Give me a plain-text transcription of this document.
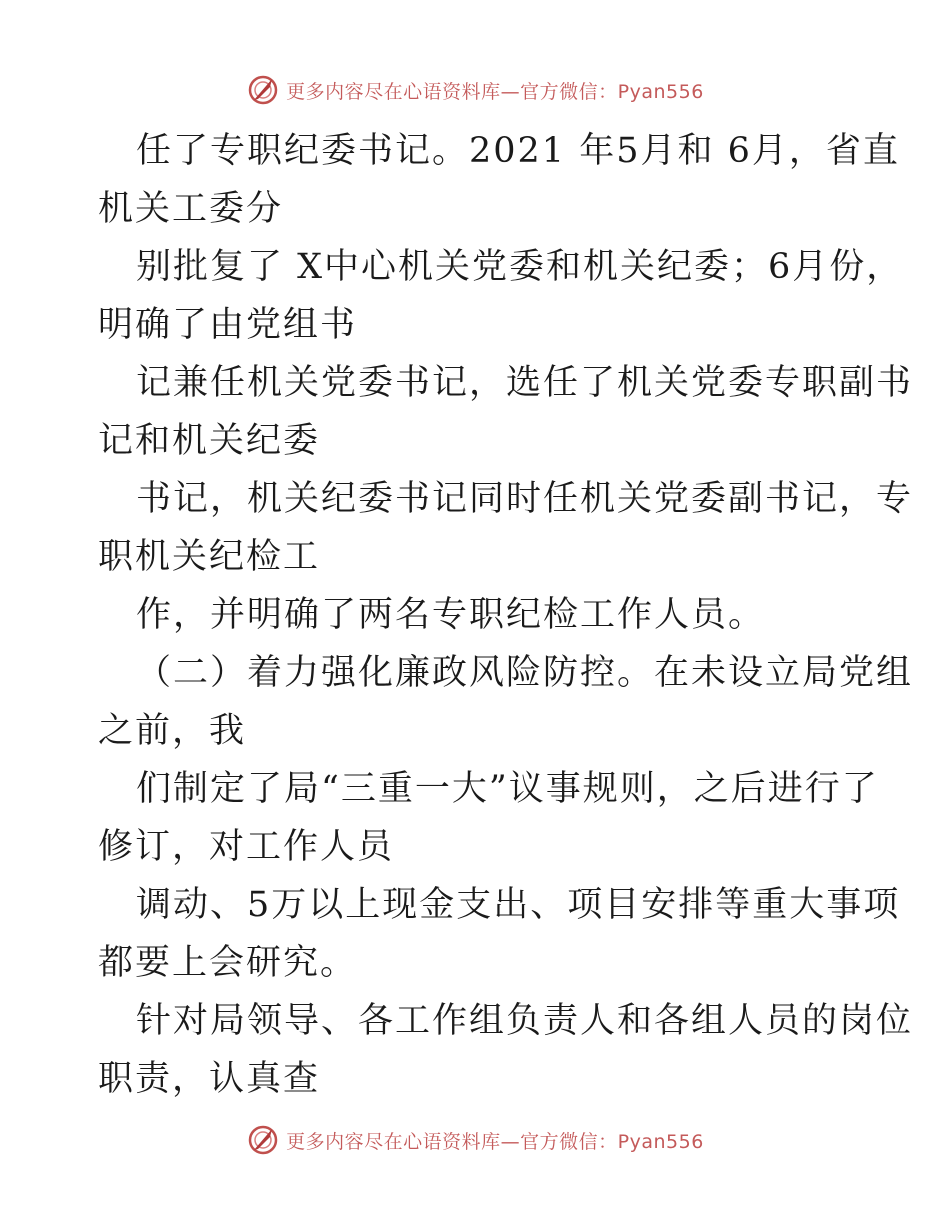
更多内容尽在心语资料库—官方微信：Pyan556

任了专职纪委书记。2021 年5月和 6月，省直
机关工委分

别批复了 X中心机关党委和机关纪委；6月份，
明确了由党组书

记兼任机关党委书记，选任了机关党委专职副书
记和机关纪委

书记，机关纪委书记同时任机关党委副书记，专
职机关纪检工

作，并明确了两名专职纪检工作人员。

（二）着力强化廉政风险防控。在未设立局党组
之前，我

们制定了局“三重一大”议事规则，之后进行了
修订，对工作人员

调动、5万以上现金支出、项目安排等重大事项
都要上会研究。

针对局领导、各工作组负责人和各组人员的岗位
职责，认真查

更多内容尽在心语资料库—官方微信：Pyan556
